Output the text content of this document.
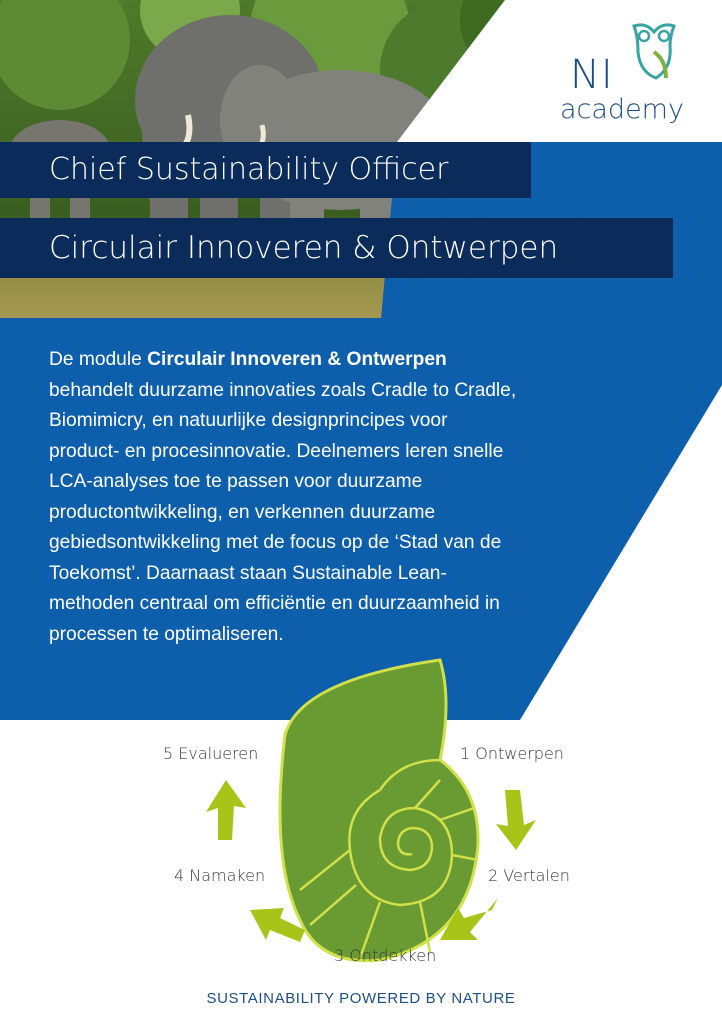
NI
academy
Chief Sustainability Officer
Circulair Innoveren & Ontwerpen
De module Circulair Innoveren & Ontwerpen behandelt duurzame innovaties zoals Cradle to Cradle, Biomimicry, en natuurlijke designprincipes voor product- en procesinnovatie. Deelnemers leren snelle LCA-analyses toe te passen voor duurzame productontwikkeling, en verkennen duurzame gebiedsontwikkeling met de focus op de ‘Stad van de Toekomst’. Daarnaast staan Sustainable Lean-methoden centraal om efficiëntie en duurzaamheid in processen te optimaliseren.
1 Ontwerpen
2 Vertalen
3 Ontdekken
4 Namaken
5 Evalueren
SUSTAINABILITY POWERED BY NATURE
